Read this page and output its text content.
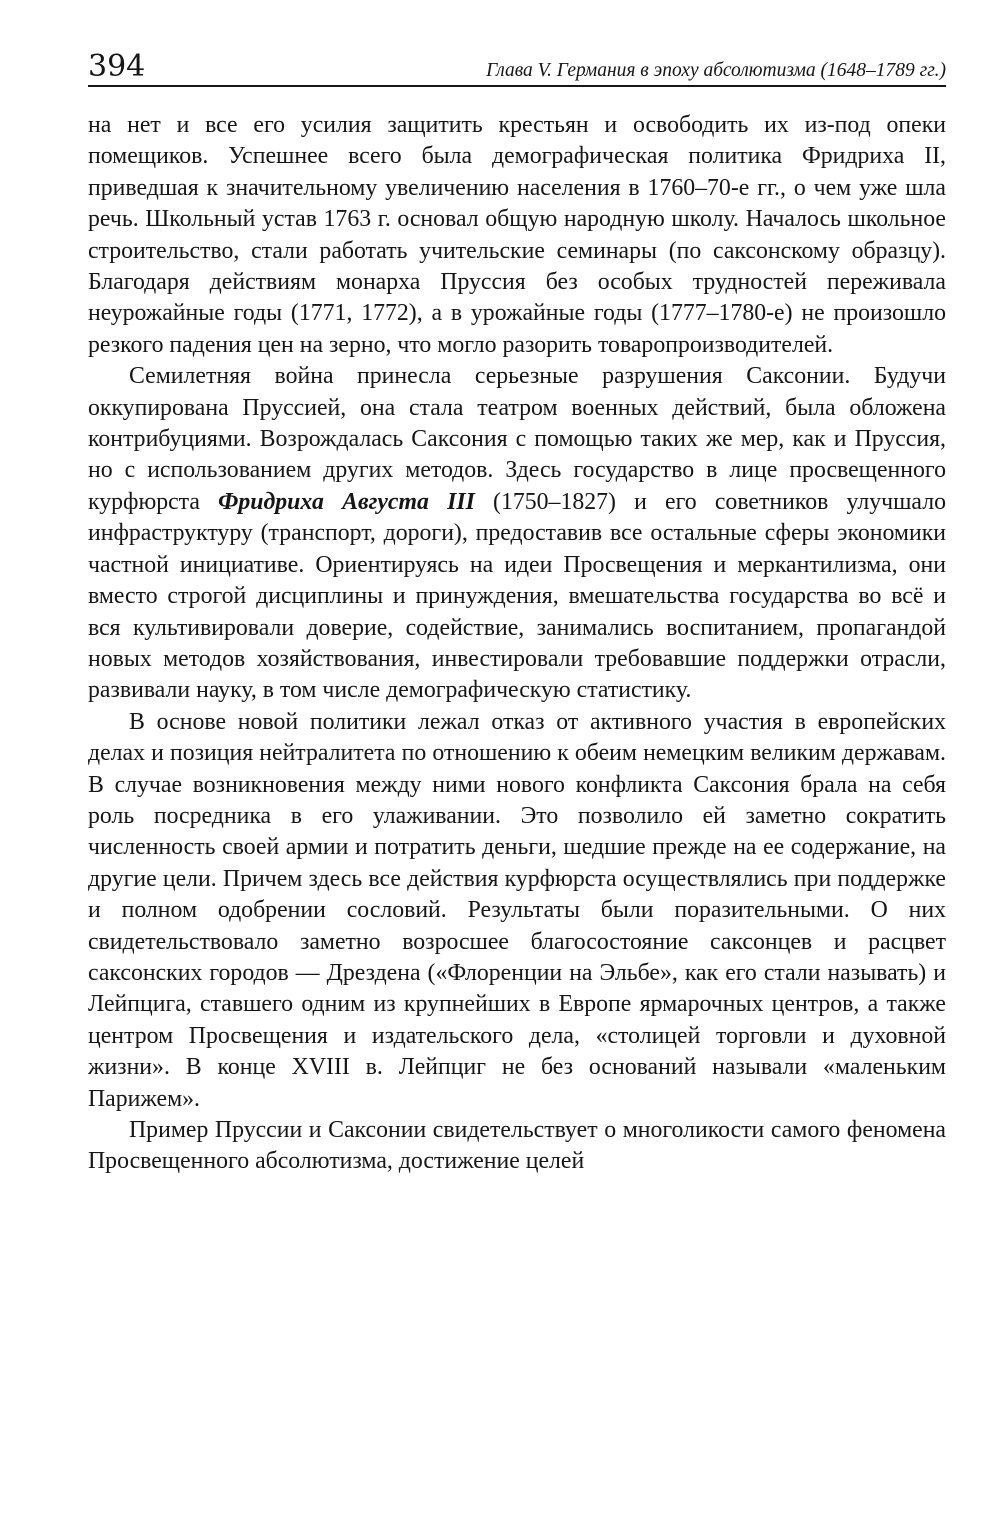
394	Глава V. Германия в эпоху абсолютизма (1648–1789 гг.)

на нет и все его усилия защитить крестьян и освободить их из-под опеки помещиков. Успешнее всего была демографическая политика Фридриха II, приведшая к значительному увеличению населения в 1760–70-е гг., о чем уже шла речь. Школьный устав 1763 г. основал общую народную школу. Началось школьное строительство, стали работать учительские семинары (по саксонскому образцу). Благодаря действиям монарха Пруссия без особых трудностей переживала неурожайные годы (1771, 1772), а в урожайные годы (1777–1780-е) не произошло резкого падения цен на зерно, что могло разорить товаропроизводителей.

Семилетняя война принесла серьезные разрушения Саксонии. Будучи оккупирована Пруссией, она стала театром военных действий, была обложена контрибуциями. Возрождалась Саксония с помощью таких же мер, как и Пруссия, но с использованием других методов. Здесь государство в лице просвещенного курфюрста Фридриха Августа III (1750–1827) и его советников улучшало инфраструктуру (транспорт, дороги), предоставив все остальные сферы экономики частной инициативе. Ориентируясь на идеи Просвещения и меркантилизма, они вместо строгой дисциплины и принуждения, вмешательства государства во всё и вся культивировали доверие, содействие, занимались воспитанием, пропагандой новых методов хозяйствования, инвестировали требовавшие поддержки отрасли, развивали науку, в том числе демографическую статистику.

В основе новой политики лежал отказ от активного участия в европейских делах и позиция нейтралитета по отношению к обеим немецким великим державам. В случае возникновения между ними нового конфликта Саксония брала на себя роль посредника в его улаживании. Это позволило ей заметно сократить численность своей армии и потратить деньги, шедшие прежде на ее содержание, на другие цели. Причем здесь все действия курфюрста осуществлялись при поддержке и полном одобрении сословий. Результаты были поразительными. О них свидетельствовало заметно возросшее благосостояние саксонцев и расцвет саксонских городов — Дрездена («Флоренции на Эльбе», как его стали называть) и Лейпцига, ставшего одним из крупнейших в Европе ярмарочных центров, а также центром Просвещения и издательского дела, «столицей торговли и духовной жизни». В конце XVIII в. Лейпциг не без оснований называли «маленьким Парижем».

Пример Пруссии и Саксонии свидетельствует о многоликости самого феномена Просвещенного абсолютизма, достижение целей
